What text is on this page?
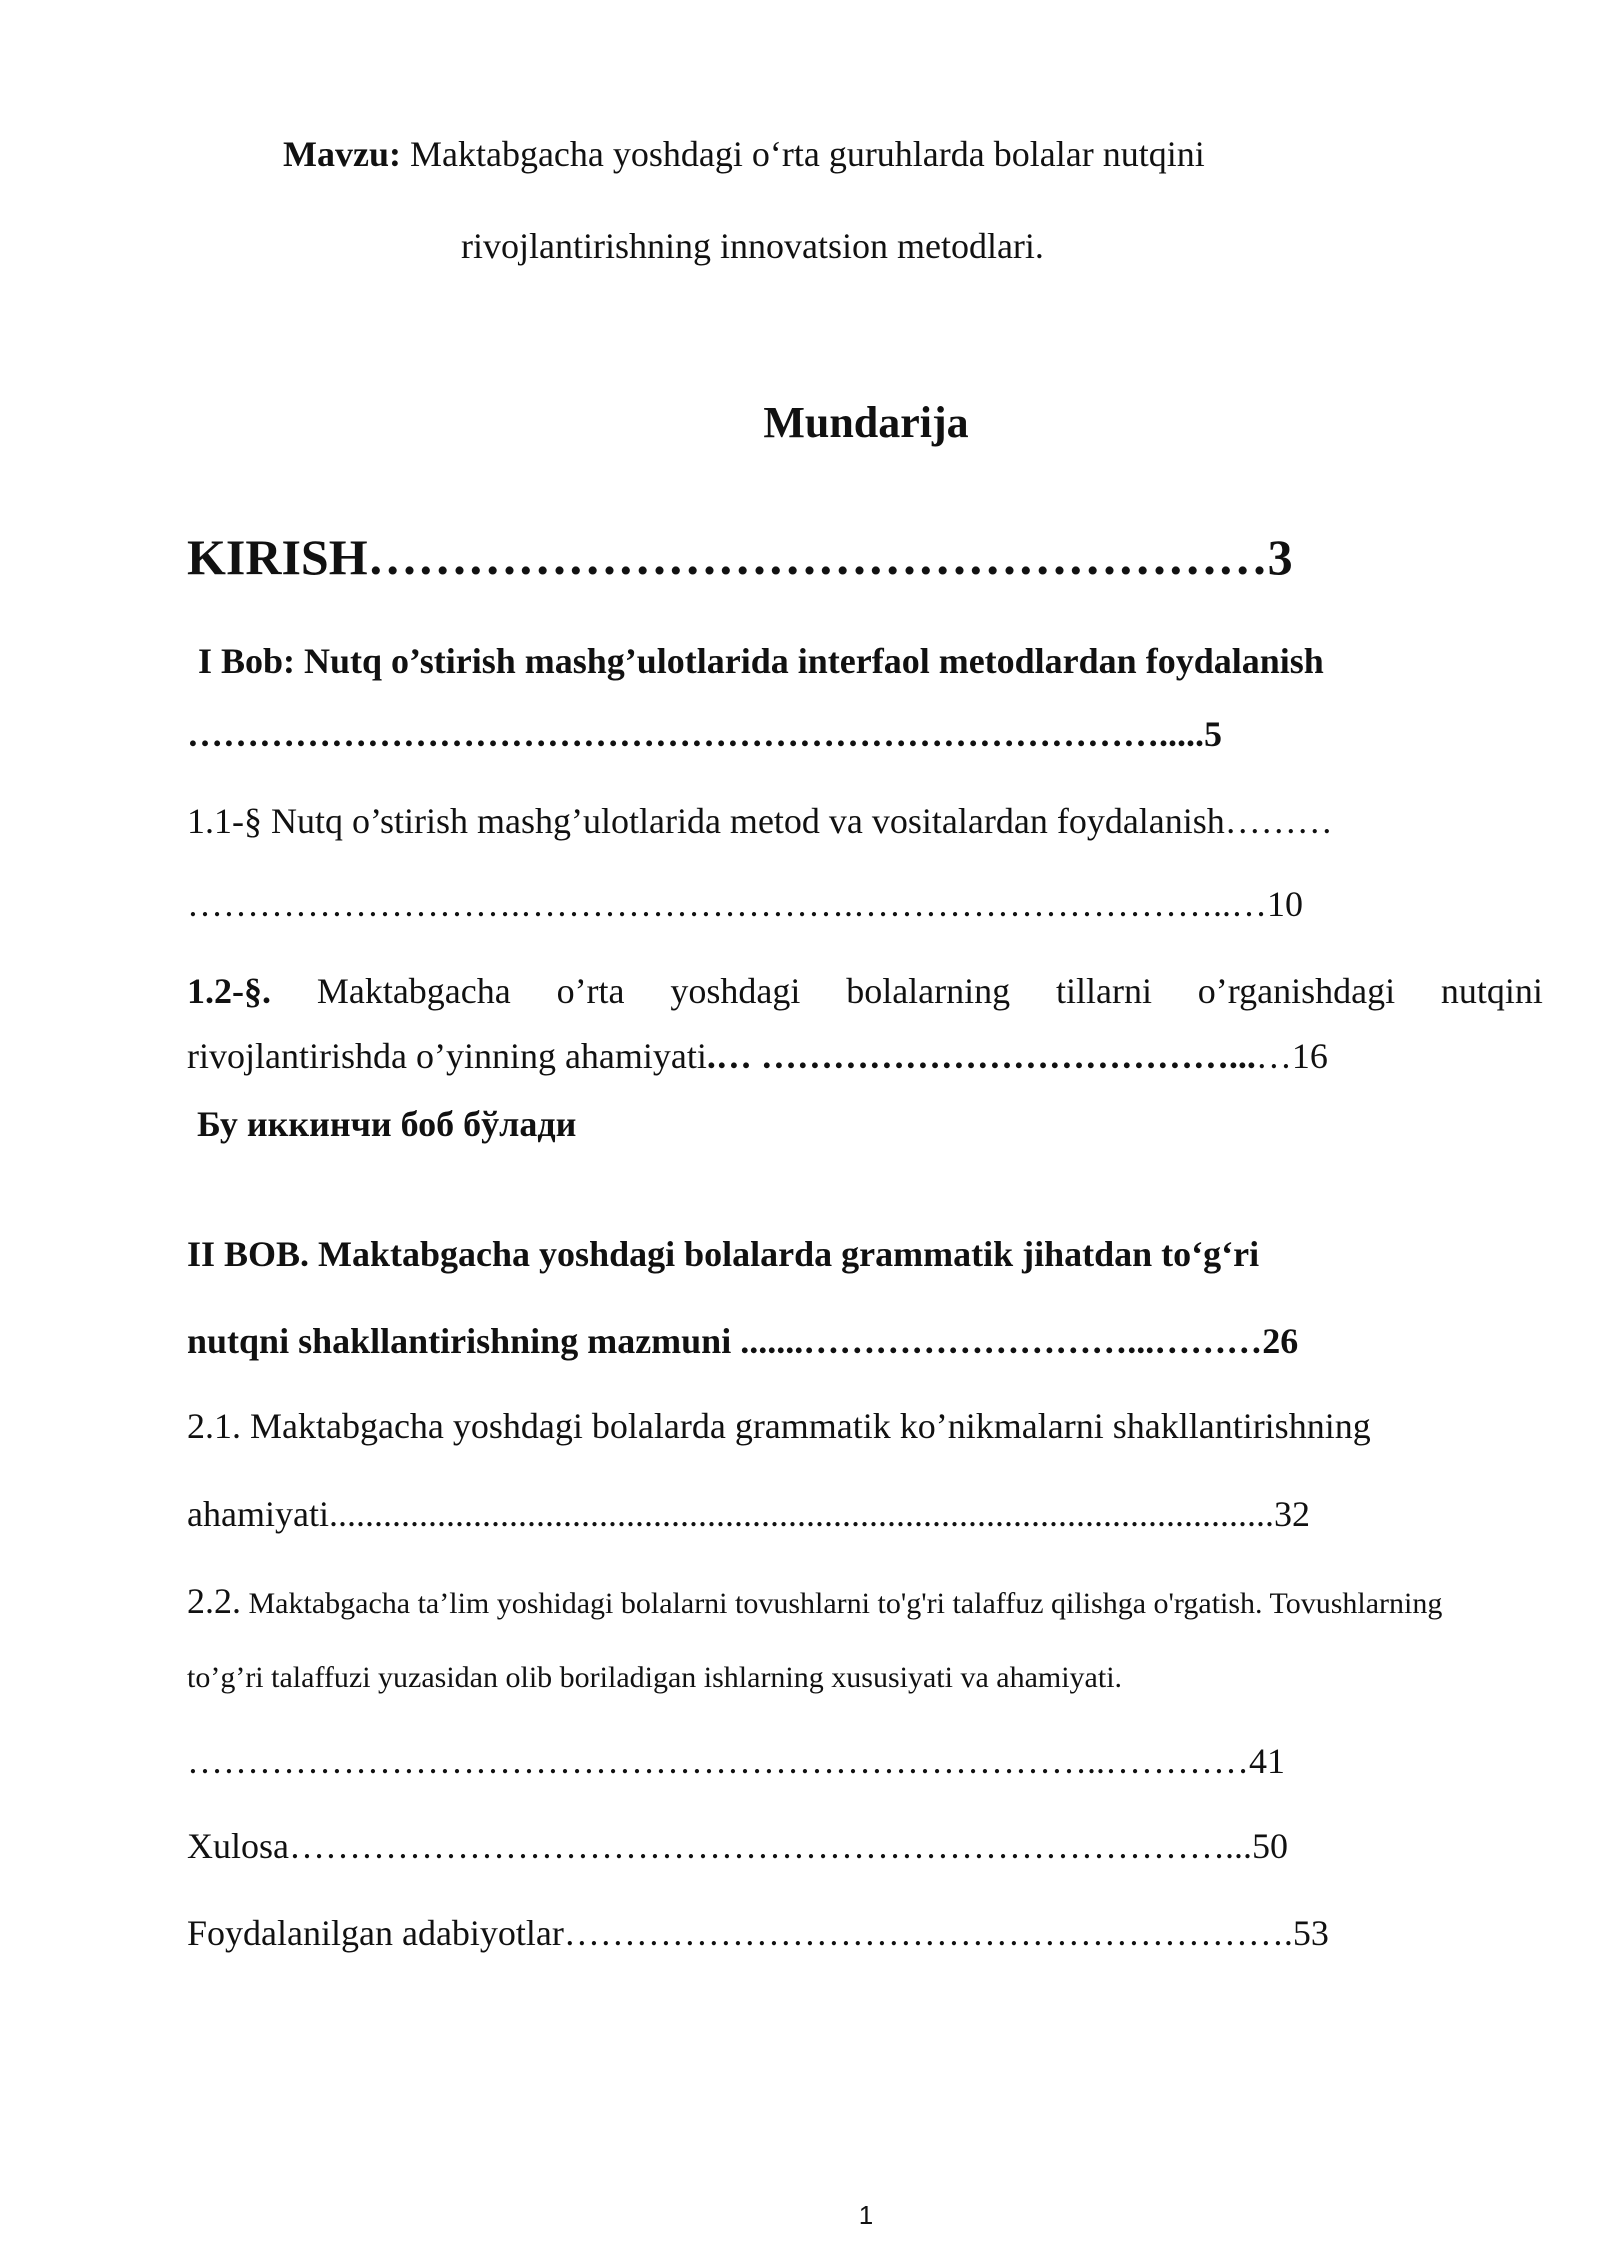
Mavzu: Maktabgacha yoshdagi o‘rta guruhlarda bolalar nutqini
rivojlantirishning innovatsion metodlari.
Mundarija
KIRISH………………………………………………3
I Bob: Nutq o’stirish mashg’ulotlarida interfaol metodlardan foydalanish
……………………………………………………………………….....5
1.1-§ Nutq o’stirish mashg’ulotlarida metod va vositalardan foydalanish………
……………………….……………………….…………………………..…10
1.2-§. Maktabgacha o’rta yoshdagi bolalarning tillarni o’rganishdagi nutqini
rivojlantirishda o’yinning ahamiyati.… …………………………………...…16
Бу иккинчи боб бўлади
II BOB. Maktabgacha yoshdagi bolalarda grammatik jihatdan to‘g‘ri
nutqni shakllantirishning mazmuni .......………………………...………26
2.1. Maktabgacha yoshdagi bolalarda grammatik ko’nikmalarni shakllantirishning
ahamiyati.........................................................................................................32
2.2. Maktabgacha ta’lim yoshidagi bolalarni tovushlarni to'g'ri talaffuz qilishga o'rgatish. Tovushlarning
to’g’ri talaffuzi yuzasidan olib boriladigan ishlarning xususiyati va ahamiyati.
…………………………………………………………………..…………41
Xulosa……………………………………………………………………...50
Foydalanilgan adabiyotlar…………………………………………………….53
1
